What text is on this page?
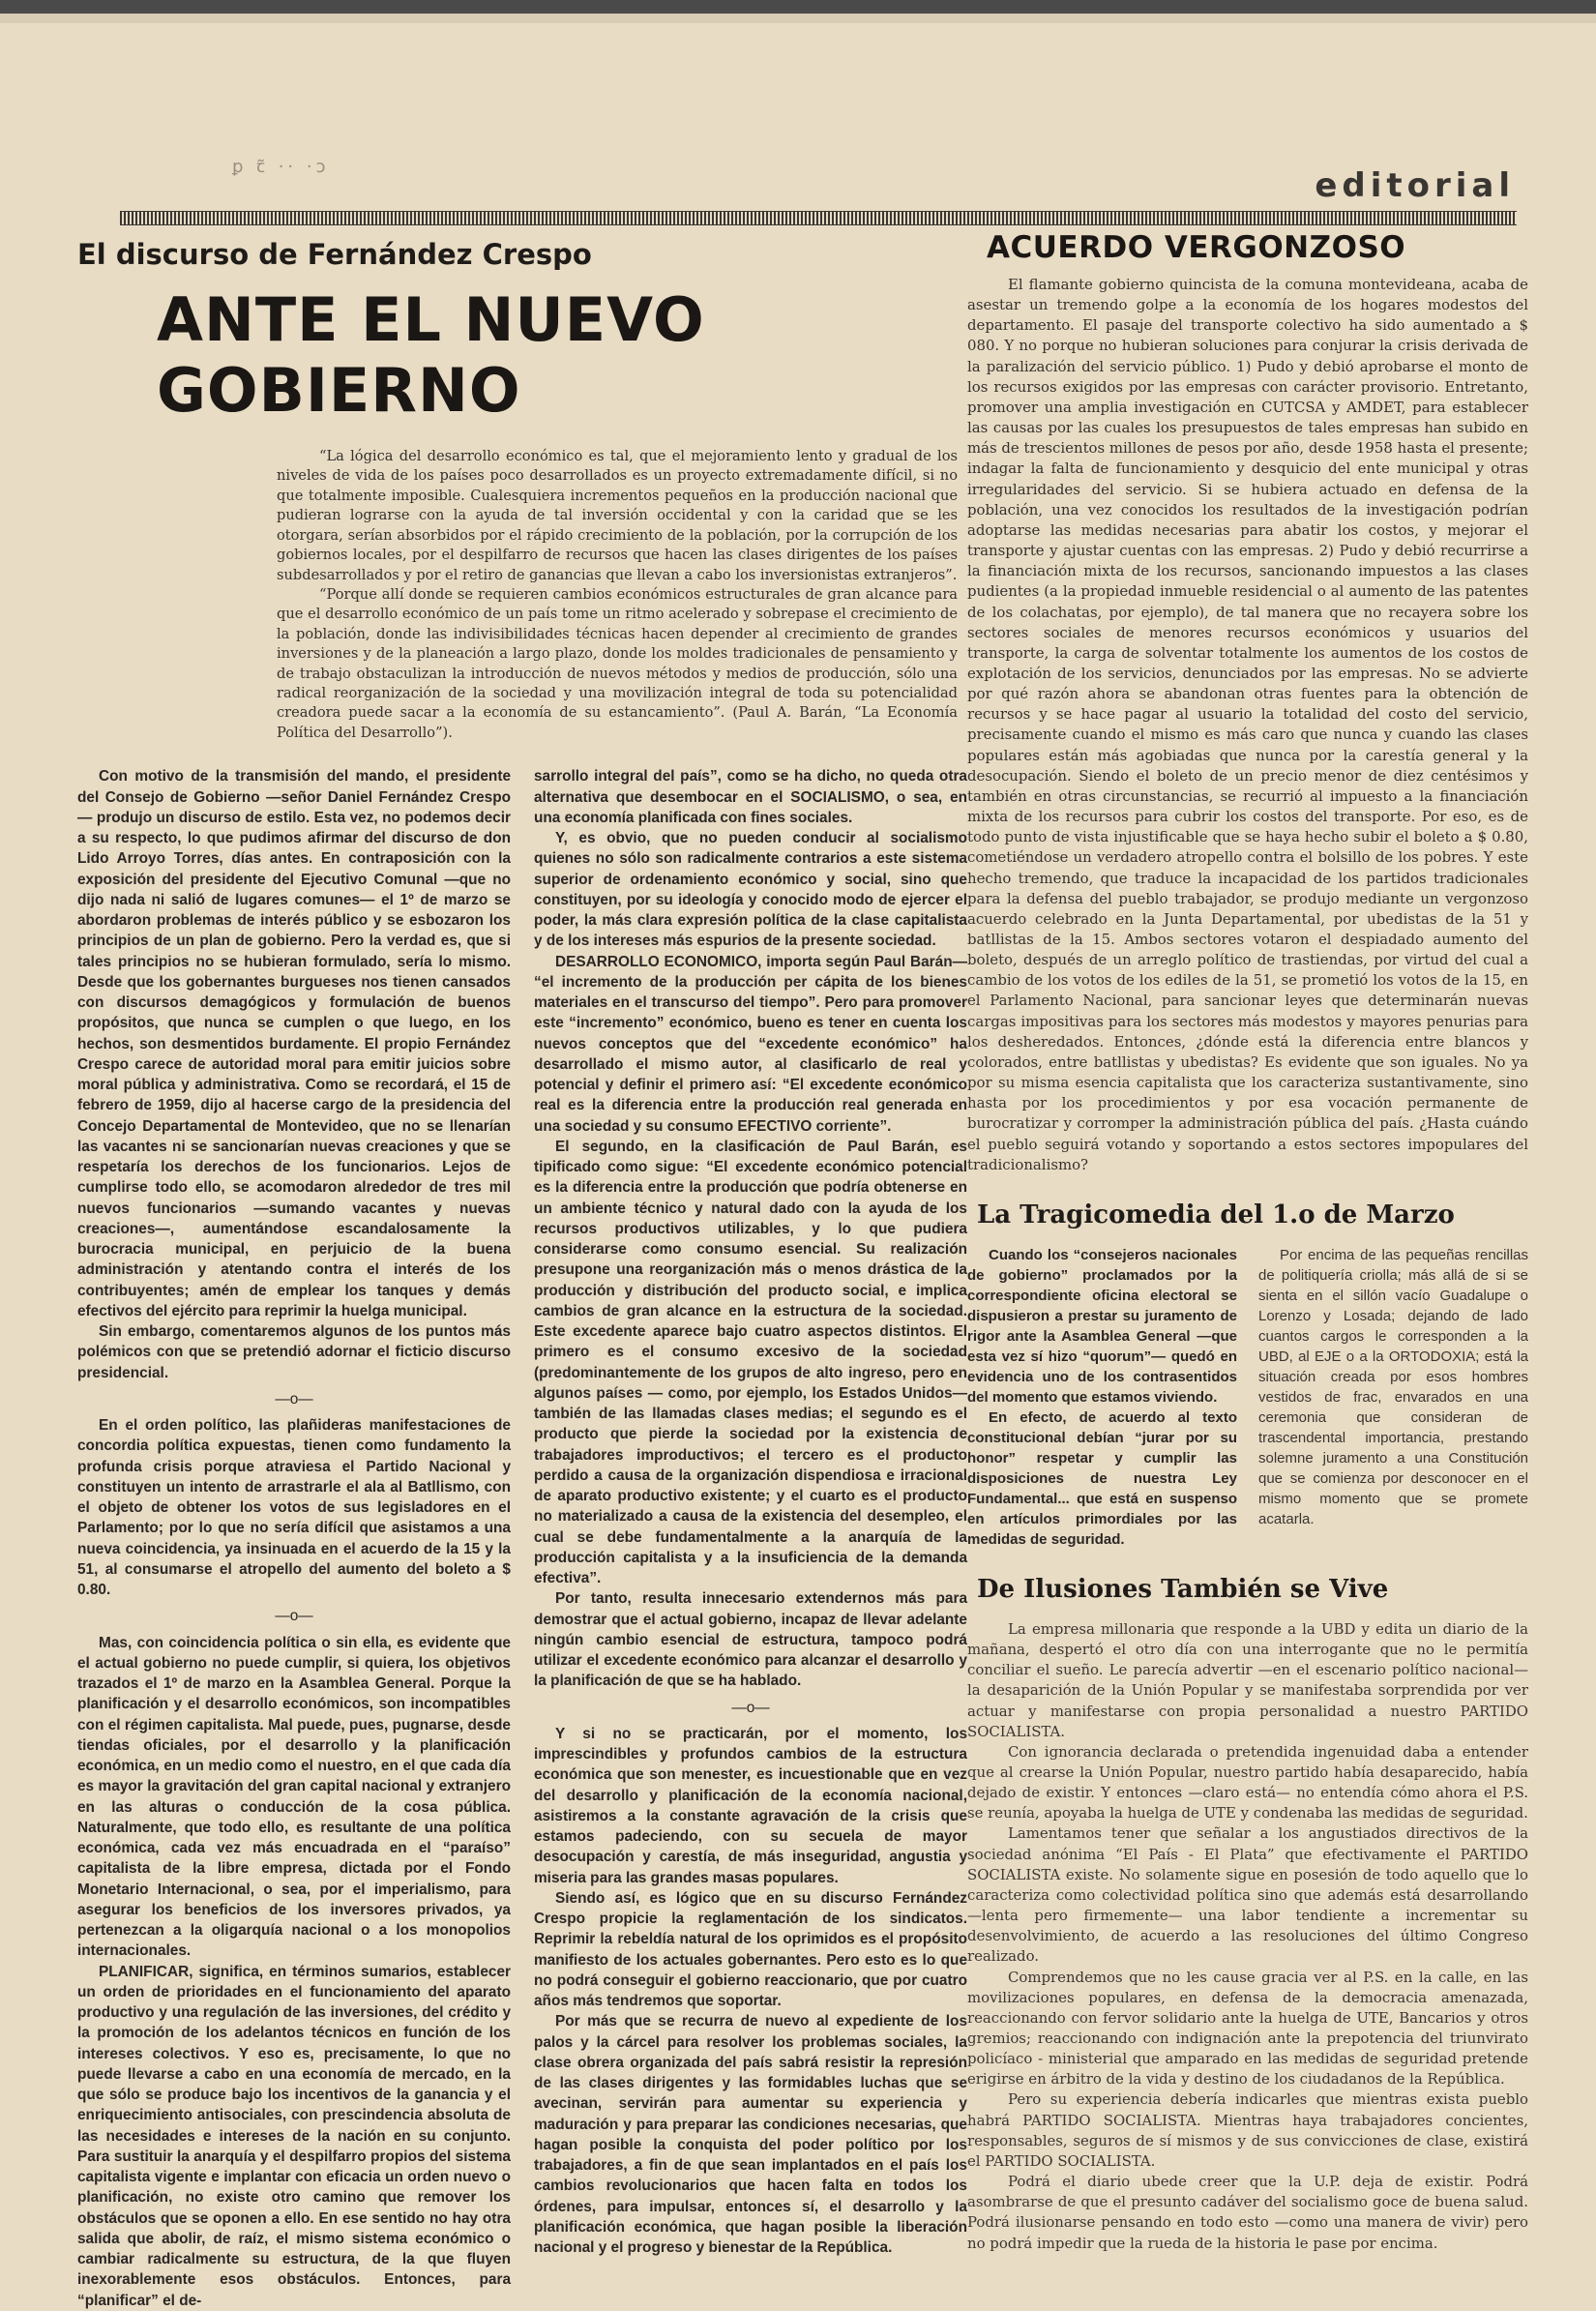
ꝑ ꞇ̃ ·· ·ɔ	editorial
El discurso de Fernández Crespo
ANTE EL NUEVO GOBIERNO

“La lógica del desarrollo económico es tal, que el mejoramiento lento y gradual de los niveles de vida de los países poco desarrollados es un proyecto extremadamente difícil, si no que totalmente imposible. Cualesquiera incrementos pequeños en la producción nacional que pudieran lograrse con la ayuda de tal inversión occidental y con la caridad que se les otorgara, serían absorbidos por el rápido crecimiento de la población, por la corrupción de los gobiernos locales, por el despilfarro de recursos que hacen las clases dirigentes de los países subdesarrollados y por el retiro de ganancias que llevan a cabo los inversionistas extranjeros”.

“Porque allí donde se requieren cambios económicos estructurales de gran alcance para que el desarrollo económico de un país tome un ritmo acelerado y sobrepase el crecimiento de la población, donde las indivisibilidades técnicas hacen depender al crecimiento de grandes inversiones y de la planeación a largo plazo, donde los moldes tradicionales de pensamiento y de trabajo obstaculizan la introducción de nuevos métodos y medios de producción, sólo una radical reorganización de la sociedad y una movilización integral de toda su potencialidad creadora puede sacar a la economía de su estancamiento”. (Paul A. Barán, “La Economía Política del Desarrollo”).

Con motivo de la transmisión del mando, el presidente del Consejo de Gobierno —señor Daniel Fernández Crespo— produjo un discurso de estilo. Esta vez, no podemos decir a su respecto, lo que pudimos afirmar del discurso de don Lido Arroyo Torres, días antes. En contraposición con la exposición del presidente del Ejecutivo Comunal —que no dijo nada ni salió de lugares comunes— el 1º de marzo se abordaron problemas de interés público y se esbozaron los principios de un plan de gobierno. Pero la verdad es, que si tales principios no se hubieran formulado, sería lo mismo. Desde que los gobernantes burgueses nos tienen cansados con discursos demagógicos y formulación de buenos propósitos, que nunca se cumplen o que luego, en los hechos, son desmentidos burdamente. El propio Fernández Crespo carece de autoridad moral para emitir juicios sobre moral pública y administrativa. Como se recordará, el 15 de febrero de 1959, dijo al hacerse cargo de la presidencia del Concejo Departamental de Montevideo, que no se llenarían las vacantes ni se sancionarían nuevas creaciones y que se respetaría los derechos de los funcionarios. Lejos de cumplirse todo ello, se acomodaron alrededor de tres mil nuevos funcionarios —sumando vacantes y nuevas creaciones—, aumentándose escandalosamente la burocracia municipal, en perjuicio de la buena administración y atentando contra el interés de los contribuyentes; amén de emplear los tanques y demás efectivos del ejército para reprimir la huelga municipal.

Sin embargo, comentaremos algunos de los puntos más polémicos con que se pretendió adornar el ficticio discurso presidencial.

—o—

En el orden político, las plañideras manifestaciones de concordia política expuestas, tienen como fundamento la profunda crisis porque atraviesa el Partido Nacional y constituyen un intento de arrastrarle el ala al Batllismo, con el objeto de obtener los votos de sus legisladores en el Parlamento; por lo que no sería difícil que asistamos a una nueva coincidencia, ya insinuada en el acuerdo de la 15 y la 51, al consumarse el atropello del aumento del boleto a $ 0.80.

—o—

Mas, con coincidencia política o sin ella, es evidente que el actual gobierno no puede cumplir, si quiera, los objetivos trazados el 1º de marzo en la Asamblea General. Porque la planificación y el desarrollo económicos, son incompatibles con el régimen capitalista. Mal puede, pues, pugnarse, desde tiendas oficiales, por el desarrollo y la planificación económica, en un medio como el nuestro, en el que cada día es mayor la gravitación del gran capital nacional y extranjero en las alturas o conducción de la cosa pública. Naturalmente, que todo ello, es resultante de una política económica, cada vez más encuadrada en el “paraíso” capitalista de la libre empresa, dictada por el Fondo Monetario Internacional, o sea, por el imperialismo, para asegurar los beneficios de los inversores privados, ya pertenezcan a la oligarquía nacional o a los monopolios internacionales.

PLANIFICAR, significa, en términos sumarios, establecer un orden de prioridades en el funcionamiento del aparato productivo y una regulación de las inversiones, del crédito y la promoción de los adelantos técnicos en función de los intereses colectivos. Y eso es, precisamente, lo que no puede llevarse a cabo en una economía de mercado, en la que sólo se produce bajo los incentivos de la ganancia y el enriquecimiento antisociales, con prescindencia absoluta de las necesidades e intereses de la nación en su conjunto. Para sustituir la anarquía y el despilfarro propios del sistema capitalista vigente e implantar con eficacia un orden nuevo o planificación, no existe otro camino que remover los obstáculos que se oponen a ello. En ese sentido no hay otra salida que abolir, de raíz, el mismo sistema económico o cambiar radicalmente su estructura, de la que fluyen inexorablemente esos obstáculos. Entonces, para “planificar” el de-

sarrollo integral del país”, como se ha dicho, no queda otra alternativa que desembocar en el SOCIALISMO, o sea, en una economía planificada con fines sociales.

Y, es obvio, que no pueden conducir al socialismo quienes no sólo son radicalmente contrarios a este sistema superior de ordenamiento económico y social, sino que constituyen, por su ideología y conocido modo de ejercer el poder, la más clara expresión política de la clase capitalista y de los intereses más espurios de la presente sociedad.

DESARROLLO ECONOMICO, importa según Paul Barán— “el incremento de la producción per cápita de los bienes materiales en el transcurso del tiempo”. Pero para promover este “incremento” económico, bueno es tener en cuenta los nuevos conceptos que del “excedente económico” ha desarrollado el mismo autor, al clasificarlo de real y potencial y definir el primero así: “El excedente económico real es la diferencia entre la producción real generada en una sociedad y su consumo EFECTIVO corriente”.

El segundo, en la clasificación de Paul Barán, es tipificado como sigue: “El excedente económico potencial es la diferencia entre la producción que podría obtenerse en un ambiente técnico y natural dado con la ayuda de los recursos productivos utilizables, y lo que pudiera considerarse como consumo esencial. Su realización presupone una reorganización más o menos drástica de la producción y distribución del producto social, e implica cambios de gran alcance en la estructura de la sociedad. Este excedente aparece bajo cuatro aspectos distintos. El primero es el consumo excesivo de la sociedad (predominantemente de los grupos de alto ingreso, pero en algunos países — como, por ejemplo, los Estados Unidos— también de las llamadas clases medias; el segundo es el producto que pierde la sociedad por la existencia de trabajadores improductivos; el tercero es el producto perdido a causa de la organización dispendiosa e irracional de aparato productivo existente; y el cuarto es el producto no materializado a causa de la existencia del desempleo, el cual se debe fundamentalmente a la anarquía de la producción capitalista y a la insuficiencia de la demanda efectiva”.

Por tanto, resulta innecesario extendernos más para demostrar que el actual gobierno, incapaz de llevar adelante ningún cambio esencial de estructura, tampoco podrá utilizar el excedente económico para alcanzar el desarrollo y la planificación de que se ha hablado.

—o—

Y si no se practicarán, por el momento, los imprescindibles y profundos cambios de la estructura económica que son menester, es incuestionable que en vez del desarrollo y planificación de la economía nacional, asistiremos a la constante agravación de la crisis que estamos padeciendo, con su secuela de mayor desocupación y carestía, de más inseguridad, angustia y miseria para las grandes masas populares.

Siendo así, es lógico que en su discurso Fernández Crespo propicie la reglamentación de los sindicatos. Reprimir la rebeldía natural de los oprimidos es el propósito manifiesto de los actuales gobernantes. Pero esto es lo que no podrá conseguir el gobierno reaccionario, que por cuatro años más tendremos que soportar.

Por más que se recurra de nuevo al expediente de los palos y la cárcel para resolver los problemas sociales, la clase obrera organizada del país sabrá resistir la represión de las clases dirigentes y las formidables luchas que se avecinan, servirán para aumentar su experiencia y maduración y para preparar las condiciones necesarias, que hagan posible la conquista del poder político por los trabajadores, a fin de que sean implantados en el país los cambios revolucionarios que hacen falta en todos los órdenes, para impulsar, entonces sí, el desarrollo y la planificación económica, que hagan posible la liberación nacional y el progreso y bienestar de la República.

ACUERDO VERGONZOSO

El flamante gobierno quincista de la comuna montevideana, acaba de asestar un tremendo golpe a la economía de los hogares modestos del departamento. El pasaje del transporte colectivo ha sido aumentado a $ 080. Y no porque no hubieran soluciones para conjurar la crisis derivada de la paralización del servicio público. 1) Pudo y debió aprobarse el monto de los recursos exigidos por las empresas con carácter provisorio. Entretanto, promover una amplia investigación en CUTCSA y AMDET, para establecer las causas por las cuales los presupuestos de tales empresas han subido en más de trescientos millones de pesos por año, desde 1958 hasta el presente; indagar la falta de funcionamiento y desquicio del ente municipal y otras irregularidades del servicio. Si se hubiera actuado en defensa de la población, una vez conocidos los resultados de la investigación podrían adoptarse las medidas necesarias para abatir los costos, y mejorar el transporte y ajustar cuentas con las empresas. 2) Pudo y debió recurrirse a la financiación mixta de los recursos, sancionando impuestos a las clases pudientes (a la propiedad inmueble residencial o al aumento de las patentes de los colachatas, por ejemplo), de tal manera que no recayera sobre los sectores sociales de menores recursos económicos y usuarios del transporte, la carga de solventar totalmente los aumentos de los costos de explotación de los servicios, denunciados por las empresas. No se advierte por qué razón ahora se abandonan otras fuentes para la obtención de recursos y se hace pagar al usuario la totalidad del costo del servicio, precisamente cuando el mismo es más caro que nunca y cuando las clases populares están más agobiadas que nunca por la carestía general y la desocupación. Siendo el boleto de un precio menor de diez centésimos y también en otras circunstancias, se recurrió al impuesto a la financiación mixta de los recursos para cubrir los costos del transporte. Por eso, es de todo punto de vista injustificable que se haya hecho subir el boleto a $ 0.80, cometiéndose un verdadero atropello contra el bolsillo de los pobres. Y este hecho tremendo, que traduce la incapacidad de los partidos tradicionales para la defensa del pueblo trabajador, se produjo mediante un vergonzoso acuerdo celebrado en la Junta Departamental, por ubedistas de la 51 y batllistas de la 15. Ambos sectores votaron el despiadado aumento del boleto, después de un arreglo político de trastiendas, por virtud del cual a cambio de los votos de los ediles de la 51, se prometió los votos de la 15, en el Parlamento Nacional, para sancionar leyes que determinarán nuevas cargas impositivas para los sectores más modestos y mayores penurias para los desheredados. Entonces, ¿dónde está la diferencia entre blancos y colorados, entre batllistas y ubedistas? Es evidente que son iguales. No ya por su misma esencia capitalista que los caracteriza sustantivamente, sino hasta por los procedimientos y por esa vocación permanente de burocratizar y corromper la administración pública del país. ¿Hasta cuándo el pueblo seguirá votando y soportando a estos sectores impopulares del tradicionalismo?

La Tragicomedia del 1.o de Marzo

Cuando los “consejeros nacionales de gobierno” proclamados por la correspondiente oficina electoral se dispusieron a prestar su juramento de rigor ante la Asamblea General —que esta vez sí hizo “quorum”— quedó en evidencia uno de los contrasentidos del momento que estamos viviendo.

En efecto, de acuerdo al texto constitucional debían “jurar por su honor” respetar y cumplir las disposiciones de nuestra Ley Fundamental... que está en suspenso en artículos primordiales por las medidas de seguridad.

Por encima de las pequeñas rencillas de politiquería criolla; más allá de si se sienta en el sillón vacío Guadalupe o Lorenzo y Losada; dejando de lado cuantos cargos le corresponden a la UBD, al EJE o a la ORTODOXIA; está la situación creada por esos hombres vestidos de frac, envarados en una ceremonia que consideran de trascendental importancia, prestando solemne juramento a una Constitución que se comienza por desconocer en el mismo momento que se promete acatarla.

De Ilusiones También se Vive

La empresa millonaria que responde a la UBD y edita un diario de la mañana, despertó el otro día con una interrogante que no le permitía conciliar el sueño. Le parecía advertir —en el escenario político nacional— la desaparición de la Unión Popular y se manifestaba sorprendida por ver actuar y manifestarse con propia personalidad a nuestro PARTIDO SOCIALISTA.

Con ignorancia declarada o pretendida ingenuidad daba a entender que al crearse la Unión Popular, nuestro partido había desaparecido, había dejado de existir. Y entonces —claro está— no entendía cómo ahora el P.S. se reunía, apoyaba la huelga de UTE y condenaba las medidas de seguridad.

Lamentamos tener que señalar a los angustiados directivos de la sociedad anónima “El País - El Plata” que efectivamente el PARTIDO SOCIALISTA existe. No solamente sigue en posesión de todo aquello que lo caracteriza como colectividad política sino que además está desarrollando —lenta pero firmemente— una labor tendiente a incrementar su desenvolvimiento, de acuerdo a las resoluciones del último Congreso realizado.

Comprendemos que no les cause gracia ver al P.S. en la calle, en las movilizaciones populares, en defensa de la democracia amenazada, reaccionando con fervor solidario ante la huelga de UTE, Bancarios y otros gremios; reaccionando con indignación ante la prepotencia del triunvirato policíaco - ministerial que amparado en las medidas de seguridad pretende erigirse en árbitro de la vida y destino de los ciudadanos de la República.

Pero su experiencia debería indicarles que mientras exista pueblo habrá PARTIDO SOCIALISTA. Mientras haya trabajadores concientes, responsables, seguros de sí mismos y de sus convicciones de clase, existirá el PARTIDO SOCIALISTA.

Podrá el diario ubede creer que la U.P. deja de existir. Podrá asombrarse de que el presunto cadáver del socialismo goce de buena salud. Podrá ilusionarse pensando en todo esto —como una manera de vivir) pero no podrá impedir que la rueda de la historia le pase por encima.
